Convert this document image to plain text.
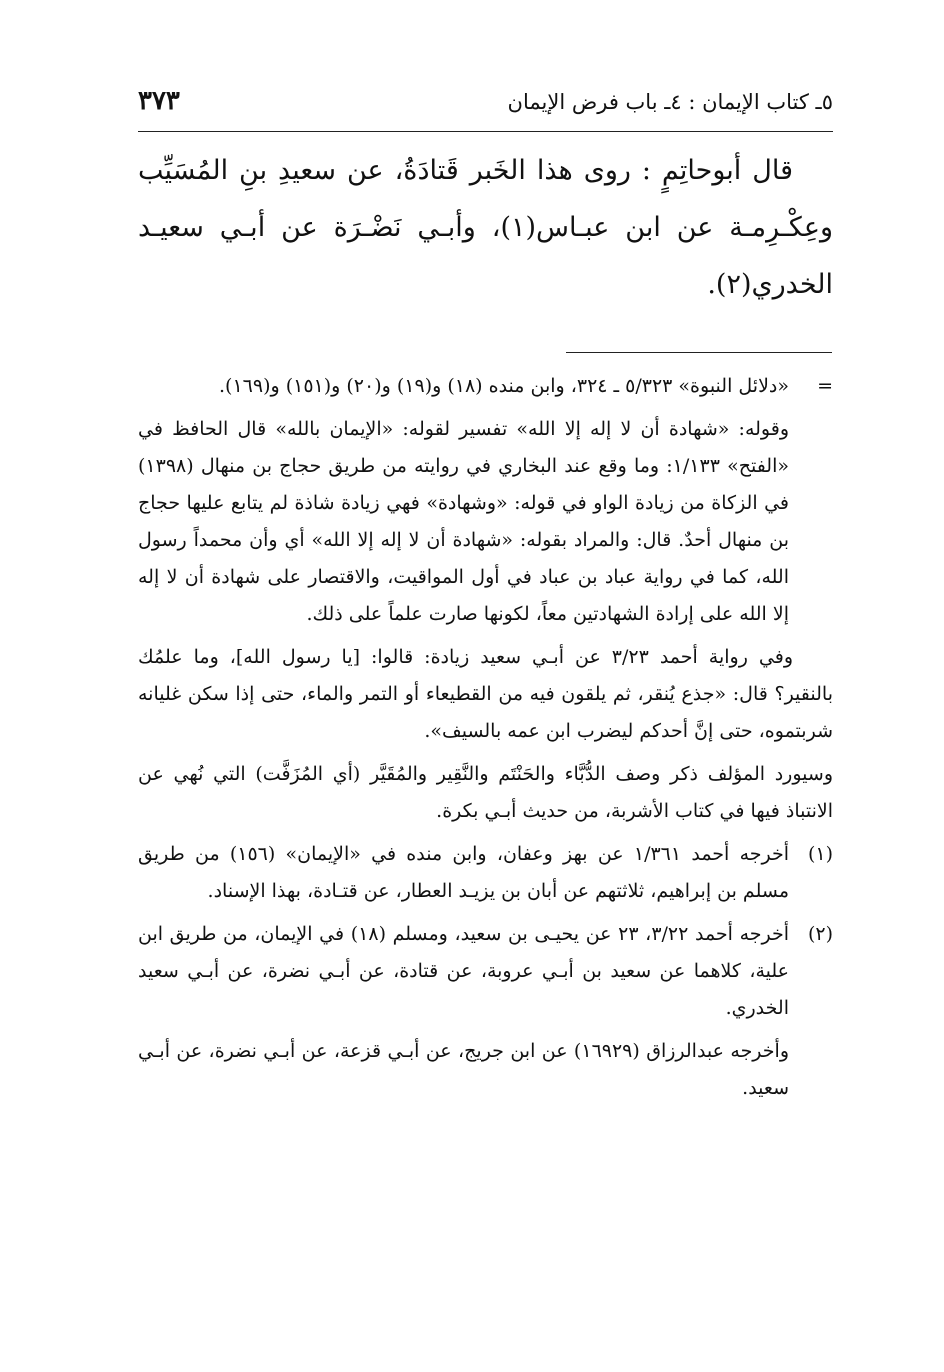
٥ـ كتاب الإيمان : ٤ـ باب فرض الإيمان
٣٧٣

قال أبوحاتِمٍ : روى هذا الخَبر قَتادَةُ، عن سعيدِ بنِ المُسَيِّب وعِكْـرِمـة عن ابن عبـاس(١)، وأبـي نَضْـرَة عن أبـي سعيـد الخدري(٢).

=
«دلائل النبوة» ٥/٣٢٣ ـ ٣٢٤، وابن منده (١٨) و(١٩) و(٢٠) و(١٥١) و(١٦٩).
وقوله: «شهادة أن لا إله إلا الله» تفسير لقوله: «الإيمان بالله» قال الحافظ في «الفتح» ١/١٣٣: وما وقع عند البخاري في روايته من طريق حجاج بن منهال (١٣٩٨) في الزكاة من زيادة الواو في قوله: «وشهادة» فهي زيادة شاذة لم يتابع عليها حجاج بن منهال أحدٌ. قال: والمراد بقوله: «شهادة أن لا إله إلا الله» أي وأن محمداً رسول الله، كما في رواية عباد بن عباد في أول المواقيت، والاقتصار على شهادة أن لا إله إلا الله على إرادة الشهادتين معاً، لكونها صارت علماً على ذلك.
وفي رواية أحمد ٣/٢٣ عن أبـي سعيد زيادة: قالوا: [يا رسول الله]، وما علمُك بالنقير؟ قال: «جذع يُنقر، ثم يلقون فيه من القطيعاء أو التمر والماء، حتى إذا سكن غليانه شربتموه، حتى إنَّ أحدكم ليضرب ابن عمه بالسيف».
وسيورد المؤلف ذكر وصف الدُّبَّاء والحَنْتَم والنَّقِير والمُقَيَّر (أي المُزَفَّت) التي نُهي عن الانتباذ فيها في كتاب الأشربة، من حديث أبـي بكرة.
(١)
أخرجه أحمد ١/٣٦١ عن بهز وعفان، وابن منده في «الإيمان» (١٥٦) من طريق مسلم بن إبراهيم، ثلاثتهم عن أبان بن يزيـد العطار، عن قتـادة، بهذا الإسناد.
(٢)
أخرجه أحمد ٣/٢٢، ٢٣ عن يحيـى بن سعيد، ومسلم (١٨) في الإيمان، من طريق ابن علية، كلاهما عن سعيد بن أبـي عروبة، عن قتادة، عن أبـي نضرة، عن أبـي سعيد الخدري.
وأخرجه عبدالرزاق (١٦٩٢٩) عن ابن جريج، عن أبـي قزعة، عن أبـي نضرة، عن أبـي سعيد.
